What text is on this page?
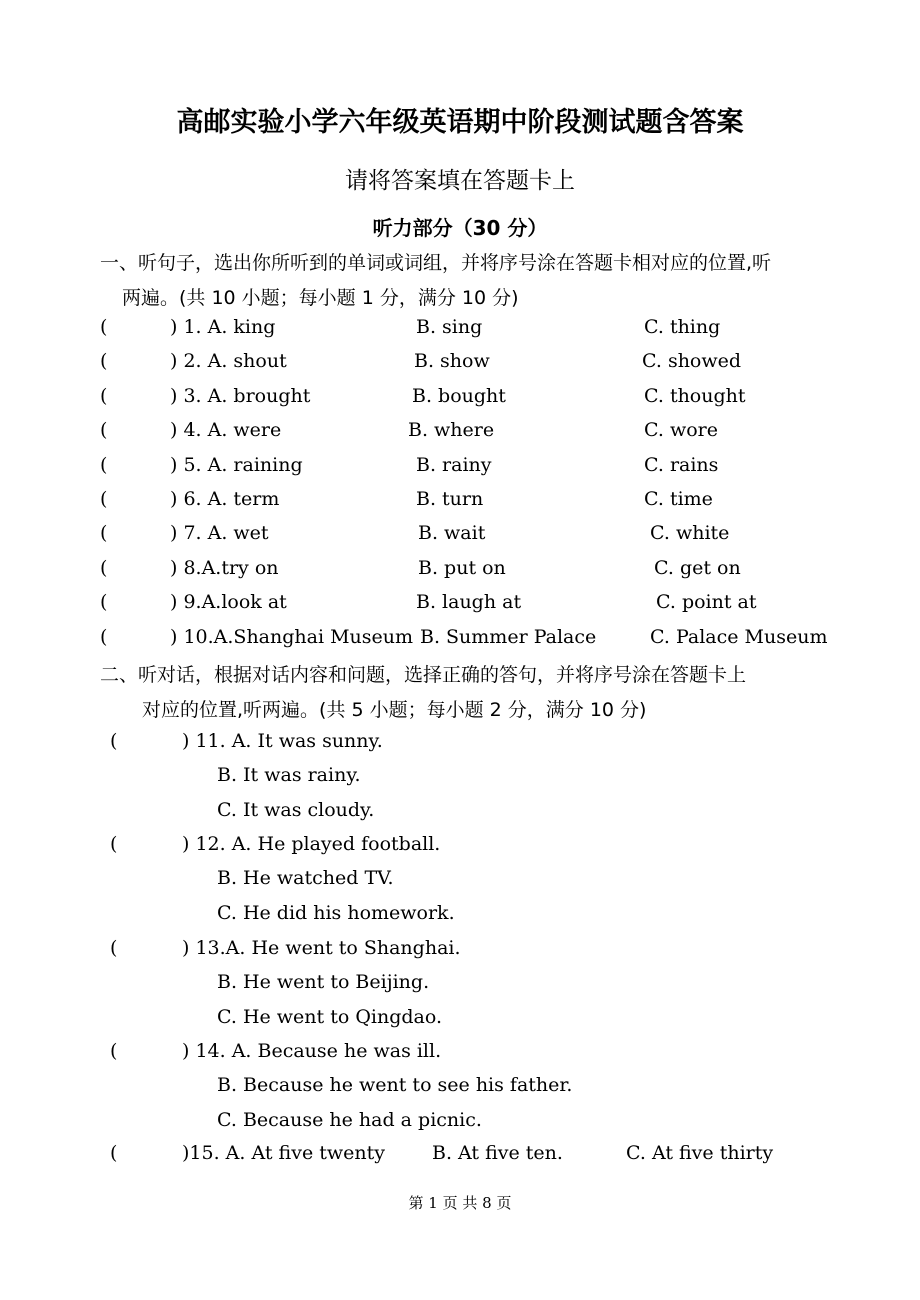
高邮实验小学六年级英语期中阶段测试题含答案
请将答案填在答题卡上
听力部分（30 分）
一、听句子，选出你所听到的单词或词组，并将序号涂在答题卡相对应的位置,听
两遍。(共 10 小题；每小题 1 分，满分 10 分)
(	) 1. A. king	B. sing	C. thing
(	) 2. A. shout	B. show	C. showed
(	) 3. A. brought	B. bought	C. thought
(	) 4. A. were	B. where	C. wore
(	) 5. A. raining	B. rainy	C. rains
(	) 6. A. term	B. turn	C. time
(	) 7. A. wet	B. wait	C. white
(	) 8.A.try on	B. put on	C. get on
(	) 9.A.look at	B. laugh at	C. point at
(	) 10.A.Shanghai Museum B. Summer Palace	C. Palace Museum
二、听对话，根据对话内容和问题，选择正确的答句，并将序号涂在答题卡上
对应的位置,听两遍。(共 5 小题；每小题 2 分，满分 10 分)
(	) 11. A. It was sunny.
B. It was rainy.
C. It was cloudy.
(	) 12. A. He played football.
B. He watched TV.
C. He did his homework.
(	) 13.A. He went to Shanghai.
B. He went to Beijing.
C. He went to Qingdao.
(	) 14. A. Because he was ill.
B. Because he went to see his father.
C. Because he had a picnic.
(	)15. A. At five twenty B. At five ten.	C. At five thirty
第 1 页 共 8 页
